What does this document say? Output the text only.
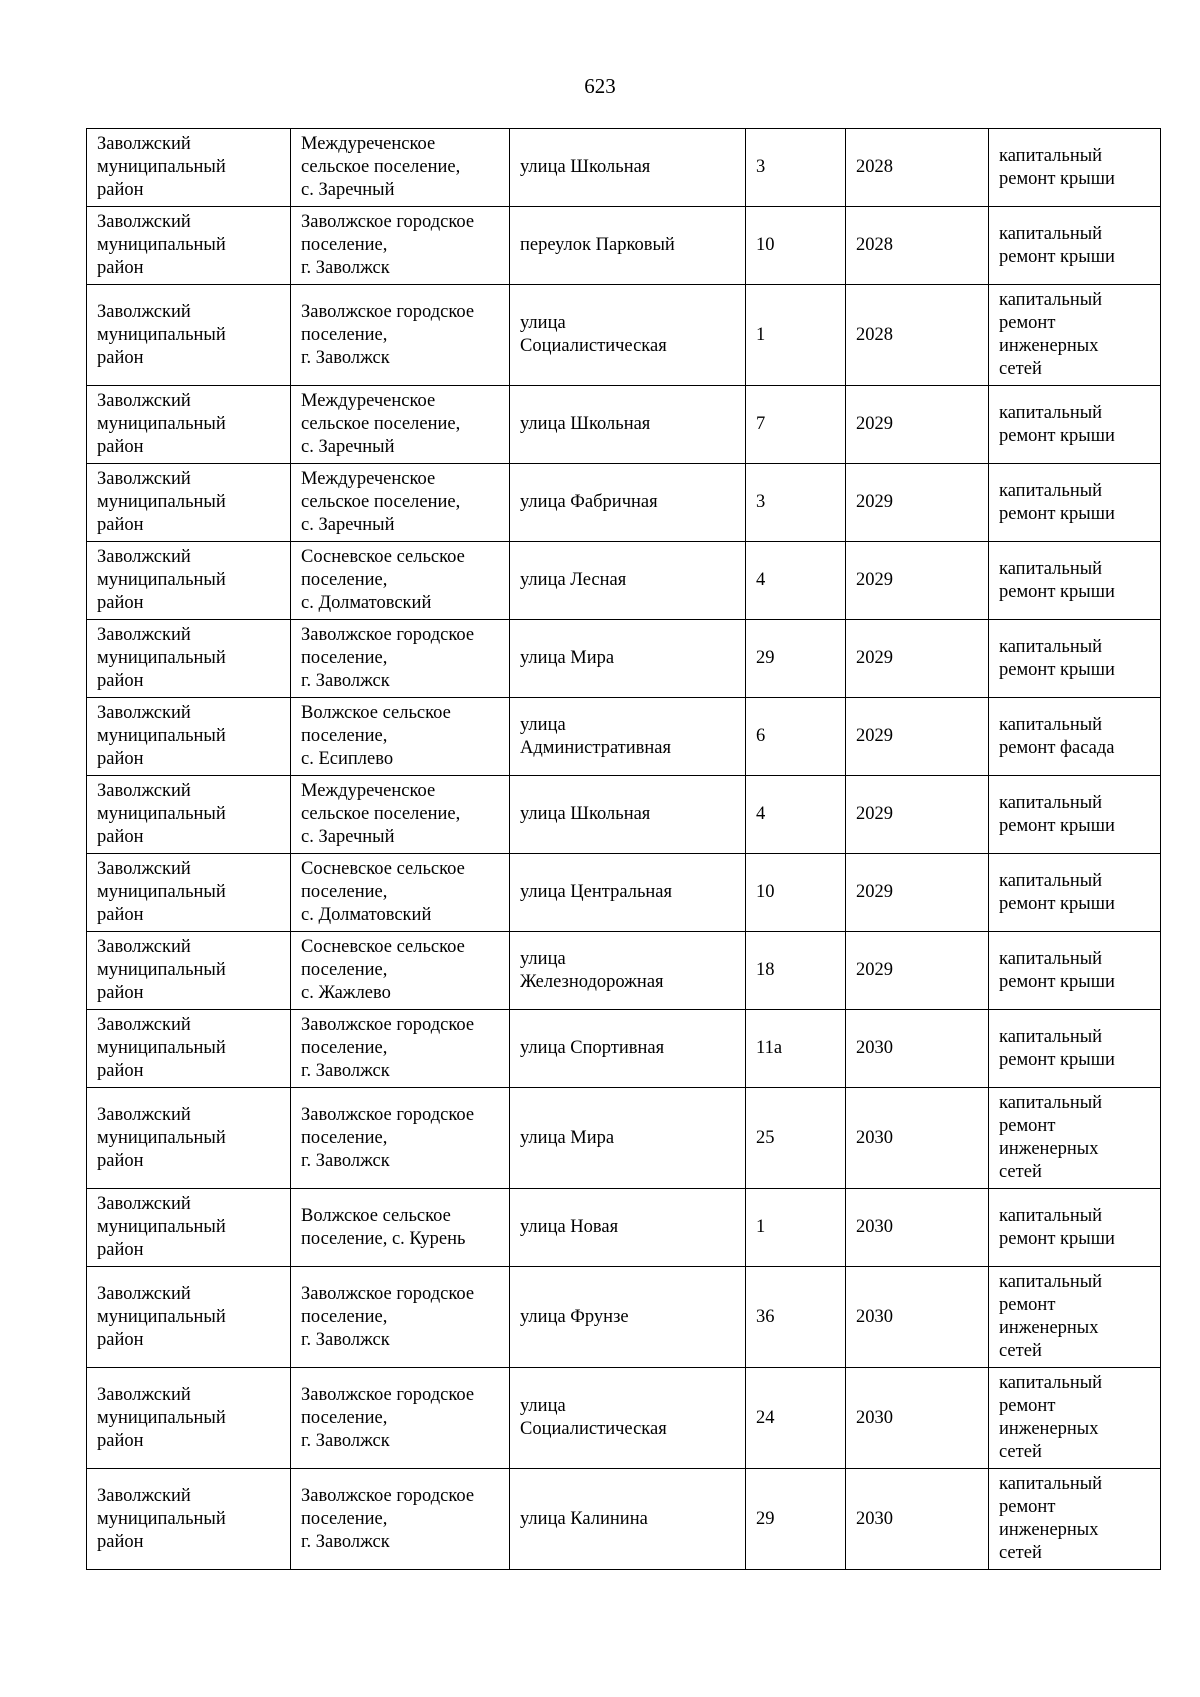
623
Заволжский
муниципальный
район	Междуреченское
сельское поселение,
с. Заречный	улица Школьная	3	2028	капитальный
ремонт крыши
Заволжский
муниципальный
район	Заволжское городское
поселение,
г. Заволжск	переулок Парковый	10	2028	капитальный
ремонт крыши
Заволжский
муниципальный
район	Заволжское городское
поселение,
г. Заволжск	улица
Социалистическая	1	2028	капитальный
ремонт
инженерных
сетей
Заволжский
муниципальный
район	Междуреченское
сельское поселение,
с. Заречный	улица Школьная	7	2029	капитальный
ремонт крыши
Заволжский
муниципальный
район	Междуреченское
сельское поселение,
с. Заречный	улица Фабричная	3	2029	капитальный
ремонт крыши
Заволжский
муниципальный
район	Сосневское сельское
поселение,
с. Долматовский	улица Лесная	4	2029	капитальный
ремонт крыши
Заволжский
муниципальный
район	Заволжское городское
поселение,
г. Заволжск	улица Мира	29	2029	капитальный
ремонт крыши
Заволжский
муниципальный
район	Волжское сельское
поселение,
с. Есиплево	улица
Административная	6	2029	капитальный
ремонт фасада
Заволжский
муниципальный
район	Междуреченское
сельское поселение,
с. Заречный	улица Школьная	4	2029	капитальный
ремонт крыши
Заволжский
муниципальный
район	Сосневское сельское
поселение,
с. Долматовский	улица Центральная	10	2029	капитальный
ремонт крыши
Заволжский
муниципальный
район	Сосневское сельское
поселение,
с. Жажлево	улица
Железнодорожная	18	2029	капитальный
ремонт крыши
Заволжский
муниципальный
район	Заволжское городское
поселение,
г. Заволжск	улица Спортивная	11а	2030	капитальный
ремонт крыши
Заволжский
муниципальный
район	Заволжское городское
поселение,
г. Заволжск	улица Мира	25	2030	капитальный
ремонт
инженерных
сетей
Заволжский
муниципальный
район	Волжское сельское
поселение, с. Курень	улица Новая	1	2030	капитальный
ремонт крыши
Заволжский
муниципальный
район	Заволжское городское
поселение,
г. Заволжск	улица Фрунзе	36	2030	капитальный
ремонт
инженерных
сетей
Заволжский
муниципальный
район	Заволжское городское
поселение,
г. Заволжск	улица
Социалистическая	24	2030	капитальный
ремонт
инженерных
сетей
Заволжский
муниципальный
район	Заволжское городское
поселение,
г. Заволжск	улица Калинина	29	2030	капитальный
ремонт
инженерных
сетей
